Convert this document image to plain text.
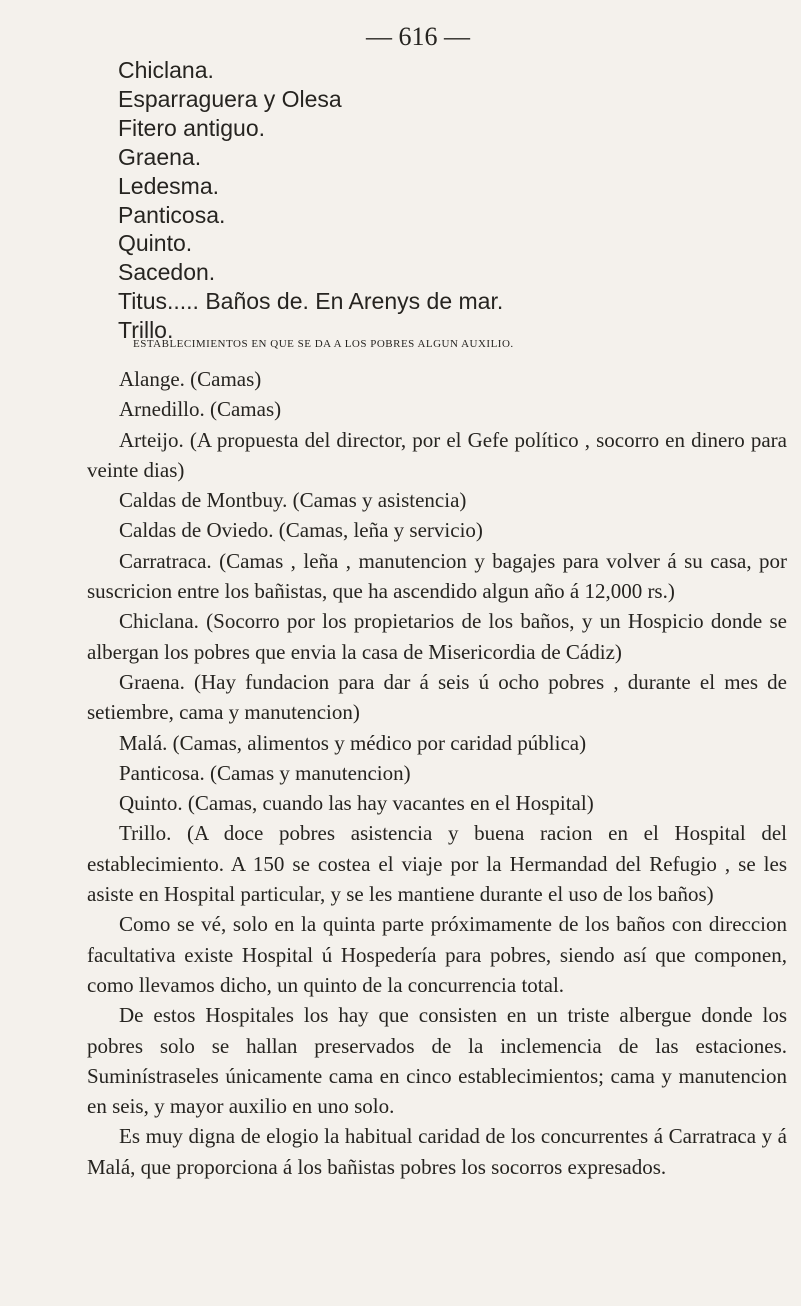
— 616 —
Chiclana.
Esparraguera y Olesa
Fitero antiguo.
Graena.
Ledesma.
Panticosa.
Quinto.
Sacedon.
Titus..... Baños de. En Arenys de mar.
Trillo.
ESTABLECIMIENTOS EN QUE SE DA A LOS POBRES ALGUN AUXILIO.

Alange. (Camas)

Arnedillo. (Camas)

Arteijo. (A propuesta del director, por el Gefe político , socorro en dinero para veinte dias)

Caldas de Montbuy. (Camas y asistencia)

Caldas de Oviedo. (Camas, leña y servicio)

Carratraca. (Camas , leña , manutencion y bagajes para volver á su casa, por suscricion entre los bañistas, que ha ascendido algun año á 12,000 rs.)

Chiclana. (Socorro por los propietarios de los baños, y un Hospicio donde se albergan los pobres que envia la casa de Misericordia de Cádiz)

Graena. (Hay fundacion para dar á seis ú ocho pobres , durante el mes de setiembre, cama y manutencion)

Malá. (Camas, alimentos y médico por caridad pública)

Panticosa. (Camas y manutencion)

Quinto. (Camas, cuando las hay vacantes en el Hospital)

Trillo. (A doce pobres asistencia y buena racion en el Hospital del establecimiento. A 150 se costea el viaje por la Hermandad del Refugio , se les asiste en Hospital particular, y se les mantiene durante el uso de los baños)

Como se vé, solo en la quinta parte próximamente de los baños con direccion facultativa existe Hospital ú Hospedería para pobres, siendo así que componen, como llevamos dicho, un quinto de la concurrencia total.

De estos Hospitales los hay que consisten en un triste albergue donde los pobres solo se hallan preservados de la inclemencia de las estaciones. Suminístraseles únicamente cama en cinco establecimientos; cama y manutencion en seis, y mayor auxilio en uno solo.

Es muy digna de elogio la habitual caridad de los concurrentes á Carratraca y á Malá, que proporciona á los bañistas pobres los socorros expresados.
